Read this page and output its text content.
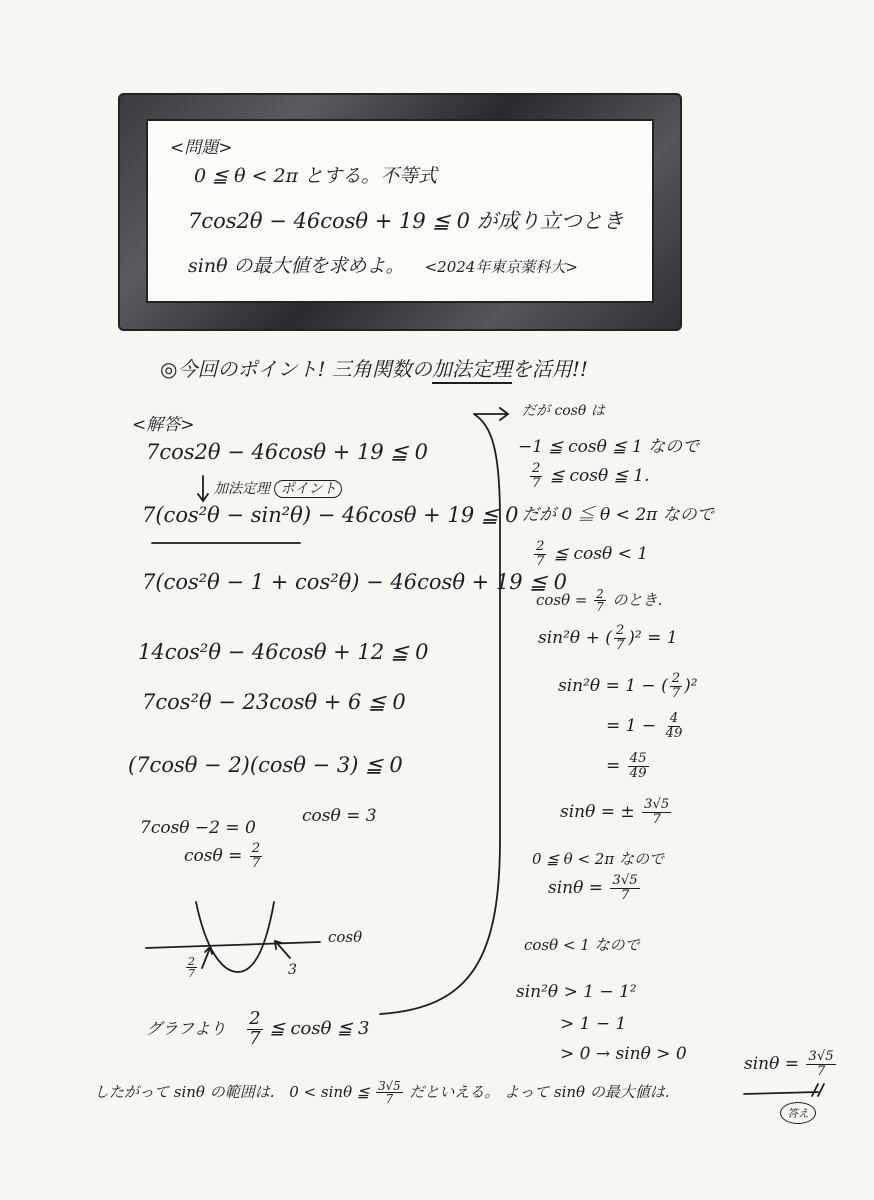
<問題>
0 ≦ θ < 2π とする。不等式
7cos2θ − 46cosθ + 19 ≦ 0 が成り立つとき
sinθ の最大値を求めよ。 <2024年東京薬科大>
◎今回のポイント! 三角関数の加法定理を活用!!
<解答>
7cos2θ − 46cosθ + 19 ≦ 0
加法定理 ポイント
7(cos²θ − sin²θ) − 46cosθ + 19 ≦ 0
7(cos²θ − 1 + cos²θ) − 46cosθ + 19 ≦ 0
14cos²θ − 46cosθ + 12 ≦ 0
7cos²θ − 23cosθ + 6 ≦ 0
(7cosθ − 2)(cosθ − 3) ≦ 0
7cosθ −2 = 0
cosθ = 3
$\cos\theta = \frac{2}{7}$
cosθ
$\frac{2}{7}$	3
グラフより $\frac{2}{7}$ ≦ cosθ ≦ 3
だが cosθ は
−1 ≦ cosθ ≦ 1 なので
$\frac{2}{7}$ ≦ cosθ ≦ 1.
だが 0 ≦ θ < 2π なので
$\frac{2}{7}$ ≦ cosθ < 1
$\cos\theta = \frac{2}{7}$ のとき.
sin²θ + ( $\frac{2}{7} )^2 = 1$
sin²θ = 1 − ( $\frac{2}{7} )^2$
= $1 - \frac{4}{49}$
= $\frac{45}{49}$
sinθ = ± $\frac{3√5}{7}$
0 ≦ θ < 2π なので
$\sin\theta = \frac{3√5}{7}$
cosθ < 1 なので
sin²θ > 1 − 1²
> 1 − 1
> 0 → sinθ > 0
したがって sinθ の範囲は. 0 < sinθ ≦ $\frac{3√5}{7}$ だといえる。 よって sinθ の最大値は.
$\sin\theta = \frac{3√5}{7}$
答え
